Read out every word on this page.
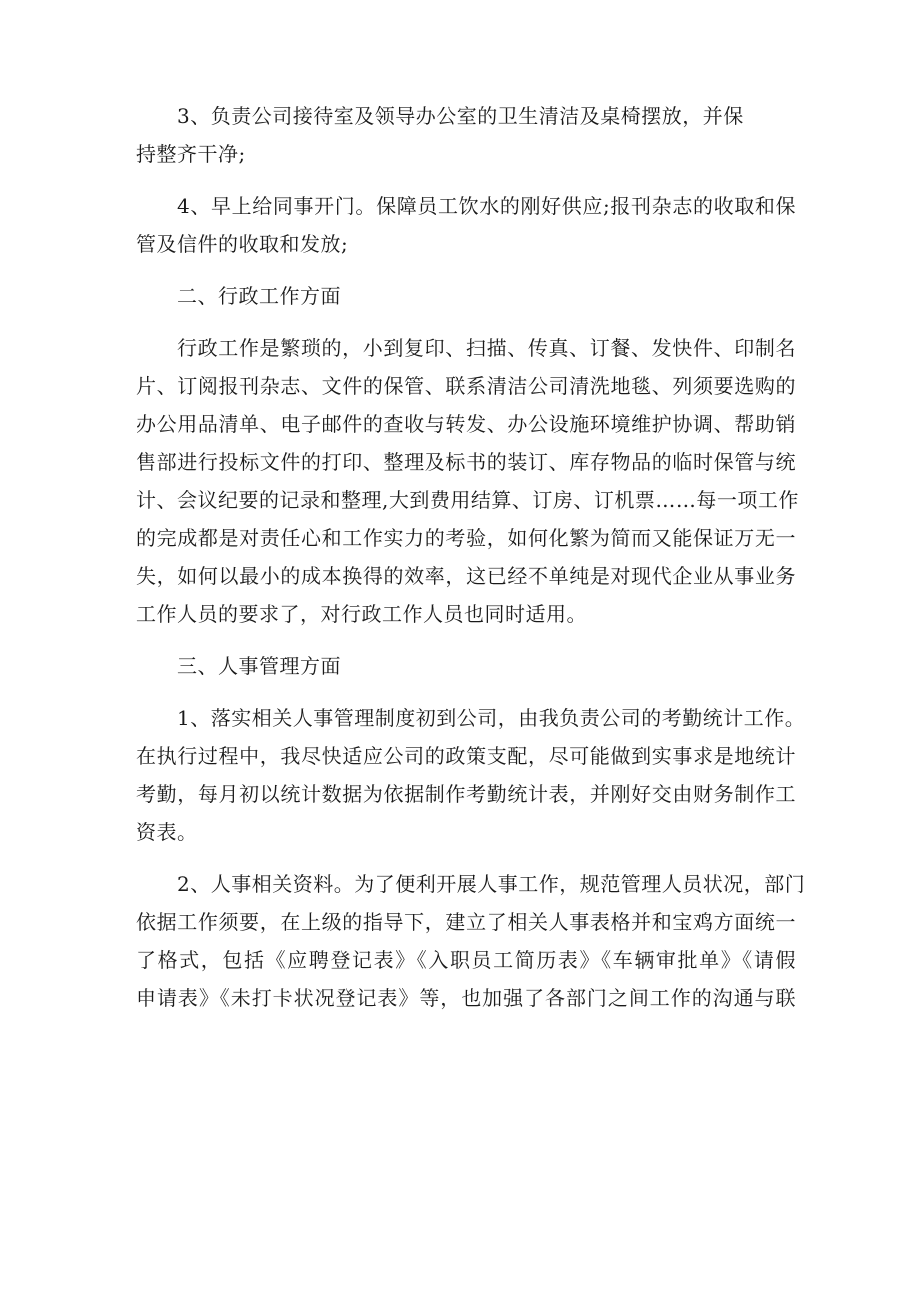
3、负责公司接待室及领导办公室的卫生清洁及桌椅摆放，并保
持整齐干净;
4、早上给同事开门。保障员工饮水的刚好供应;报刊杂志的收取和保
管及信件的收取和发放;
二、行政工作方面
行政工作是繁琐的，小到复印、扫描、传真、订餐、发快件、印制名
片、订阅报刊杂志、文件的保管、联系清洁公司清洗地毯、列须要选购的
办公用品清单、电子邮件的查收与转发、办公设施环境维护协调、帮助销
售部进行投标文件的打印、整理及标书的装订、库存物品的临时保管与统
计、会议纪要的记录和整理,大到费用结算、订房、订机票……每一项工作
的完成都是对责任心和工作实力的考验，如何化繁为简而又能保证万无一
失，如何以最小的成本换得的效率，这已经不单纯是对现代企业从事业务
工作人员的要求了，对行政工作人员也同时适用。
三、人事管理方面
1、落实相关人事管理制度初到公司，由我负责公司的考勤统计工作。
在执行过程中，我尽快适应公司的政策支配，尽可能做到实事求是地统计
考勤，每月初以统计数据为依据制作考勤统计表，并刚好交由财务制作工
资表。
2、人事相关资料。为了便利开展人事工作，规范管理人员状况，部门
依据工作须要，在上级的指导下，建立了相关人事表格并和宝鸡方面统一
了格式，包括《应聘登记表》《入职员工简历表》《车辆审批单》《请假
申请表》《未打卡状况登记表》等，也加强了各部门之间工作的沟通与联
